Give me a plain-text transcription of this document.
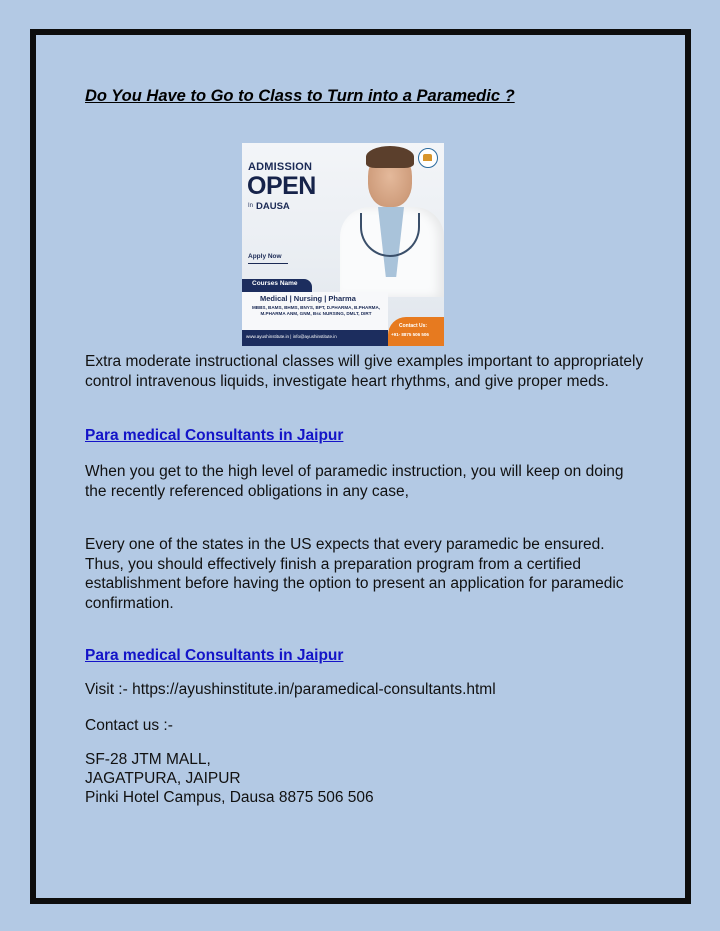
Do You Have to Go to Class to Turn into a Paramedic ?
Extra moderate instructional classes will give examples important to appropriately control intravenous liquids, investigate heart rhythms, and give proper meds.
Para medical Consultants in Jaipur
When you get to the high level of paramedic instruction, you will keep on doing the recently referenced obligations in any case,
Every one of the states in the US expects that every paramedic be ensured. Thus, you should effectively finish a preparation program from a certified establishment before having the option to present an application for paramedic confirmation.
Para medical Consultants in Jaipur
Visit :- https://ayushinstitute.in/paramedical-consultants.html
Contact us :-
SF-28 JTM MALL,
JAGATPURA, JAIPUR
Pinki Hotel Campus, Dausa 8875 506 506
ADMISSION
OPEN
In DAUSA
Apply Now
Courses Name
Medical | Nursing | Pharma
MBBS, BAMS, BHMS, BNYS, BPT, D.PHARMA, B.PHARMA, M.PHARMA ANM, GNM, Bsc NURSING, DMLT, DIRT
Contact Us:
+91- 8875 506 506
www.ayushinstitute.in | info@ayushinstitute.in
